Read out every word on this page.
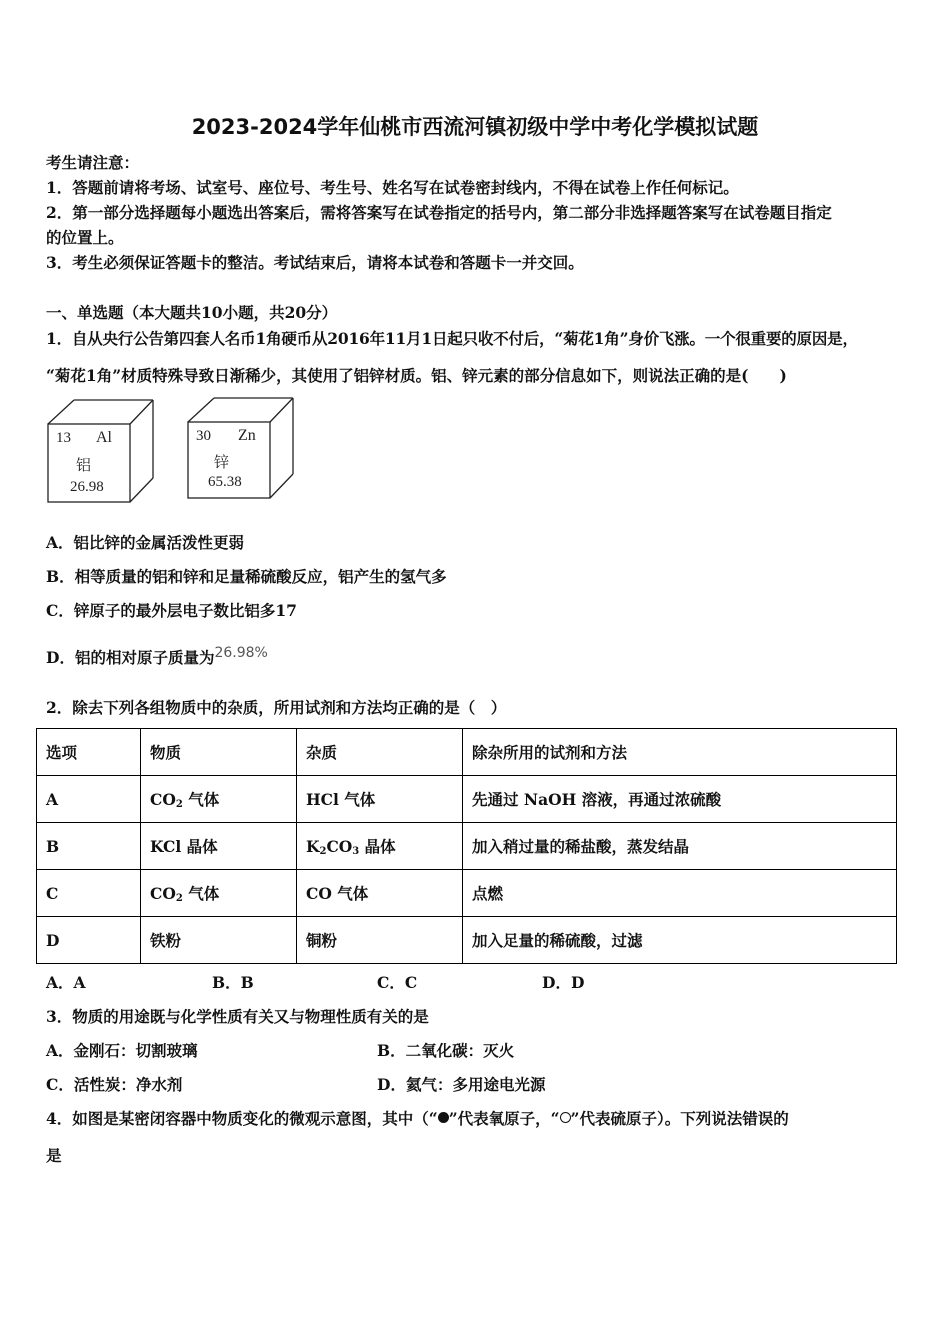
2023-2024学年仙桃市西流河镇初级中学中考化学模拟试题
考生请注意：
1．答题前请将考场、试室号、座位号、考生号、姓名写在试卷密封线内，不得在试卷上作任何标记。
2．第一部分选择题每小题选出答案后，需将答案写在试卷指定的括号内，第二部分非选择题答案写在试卷题目指定
的位置上。
3．考生必须保证答题卡的整洁。考试结束后，请将本试卷和答题卡一并交回。
一、单选题（本大题共10小题，共20分）
1．自从央行公告第四套人名币1角硬币从2016年11月1日起只收不付后，“菊花1角”身价飞涨。一个很重要的原因是，
“菊花1角”材质特殊导致日渐稀少，其使用了铝锌材质。铝、锌元素的部分信息如下，则说法正确的是(　　)
13 Al
铝
26.98
30 Zn
锌
65.38
A．铝比锌的金属活泼性更弱
B．相等质量的铝和锌和足量稀硫酸反应，铝产生的氢气多
C．锌原子的最外层电子数比铝多17
D．铝的相对原子质量为26.98%
2．除去下列各组物质中的杂质，所用试剂和方法均正确的是（　）
选项	物质	杂质	除杂所用的试剂和方法
A	$CO_2$ 气体	HCl 气体	先通过 NaOH 溶液，再通过浓硫酸
B	KCl 晶体	$K_2CO_3$ 晶体	加入稍过量的稀盐酸，蒸发结晶
C	$CO_2$ 气体	CO 气体	点燃
D	铁粉	铜粉	加入足量的稀硫酸，过滤
A．A	B．B	C．C	D．D
3．物质的用途既与化学性质有关又与物理性质有关的是
A．金刚石：切割玻璃	B．二氧化碳：灭火
C．活性炭：净水剂	D．氦气：多用途电光源
4．如图是某密闭容器中物质变化的微观示意图，其中（“ ”代表氧原子，“ ”代表硫原子）。下列说法错误的
是
